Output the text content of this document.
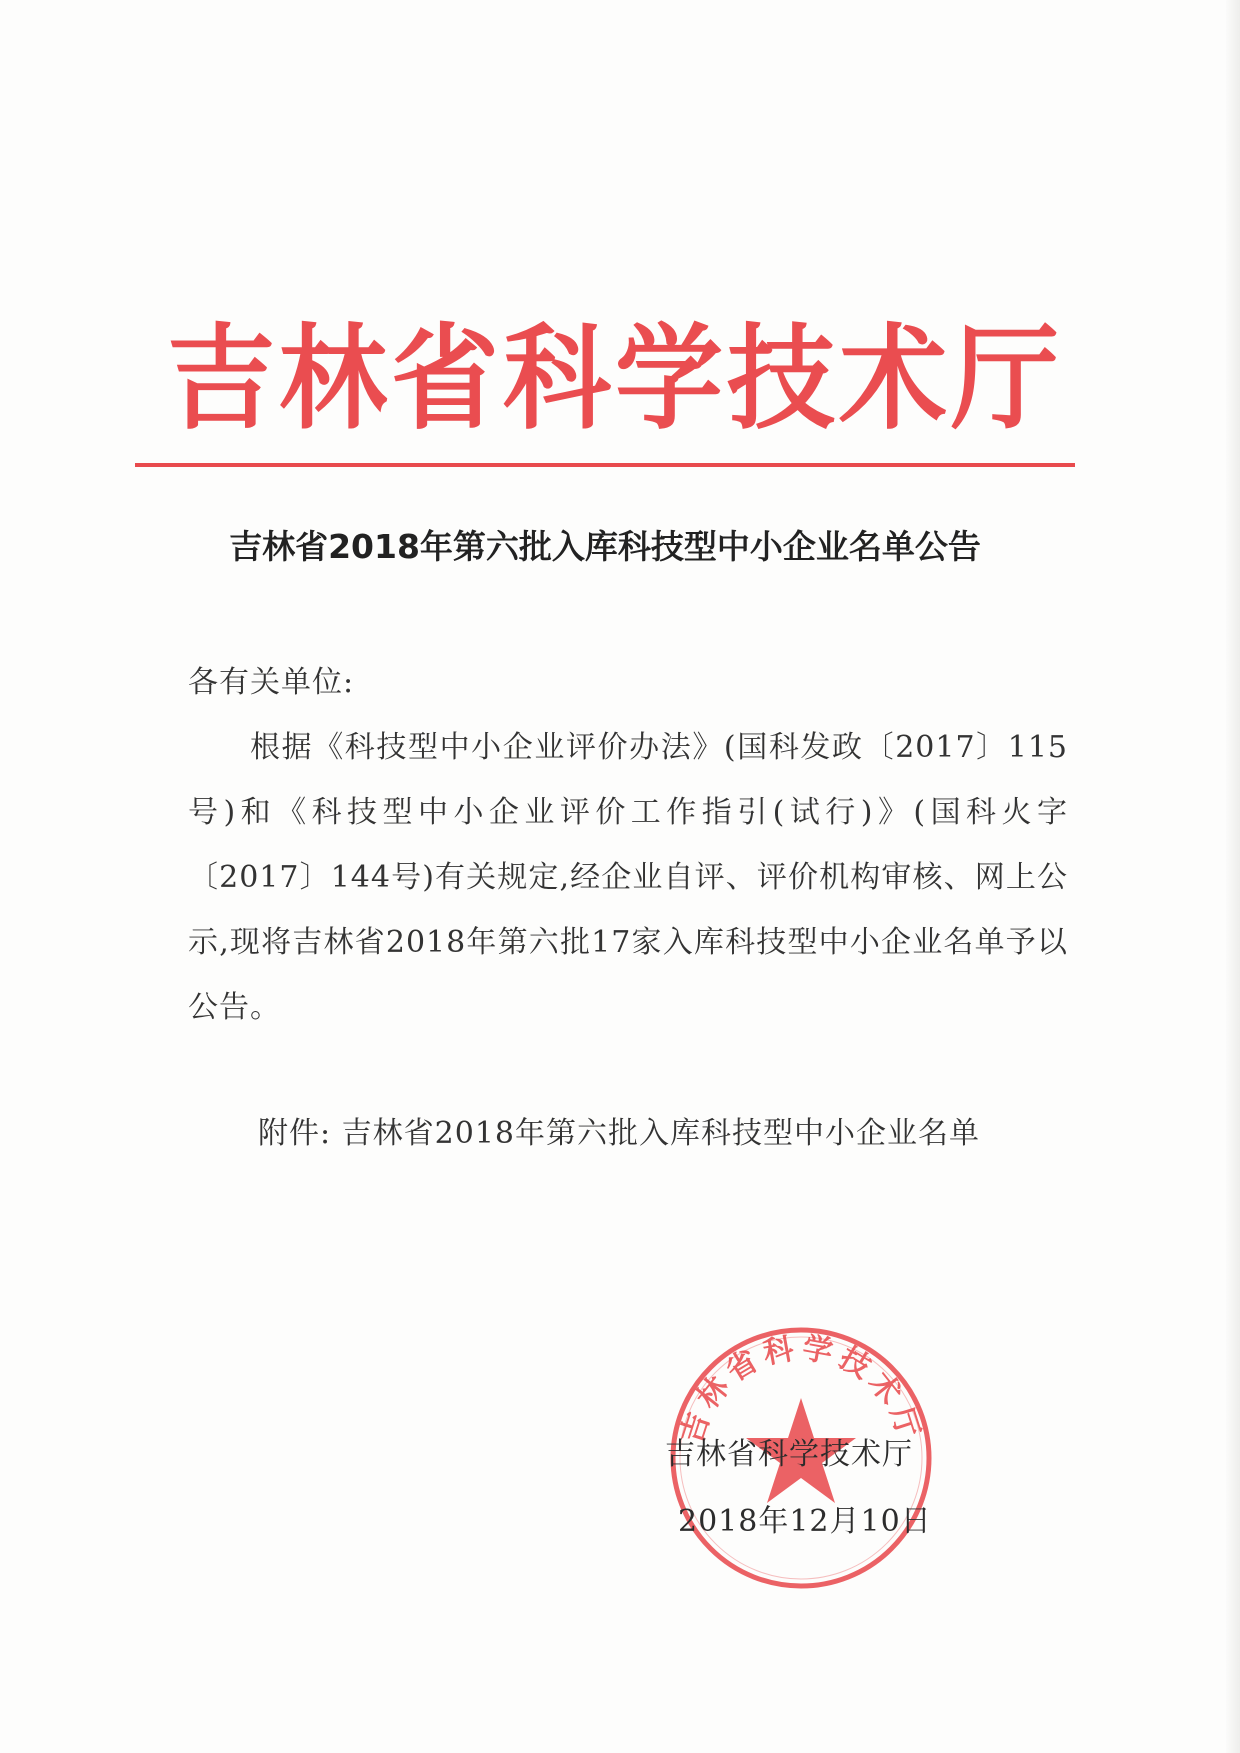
吉林省科学技术厅
吉林省2018年第六批入库科技型中小企业名单公告

各有关单位:

根据《科技型中小企业评价办法》(国科发政〔2017〕115号)和《科技型中小企业评价工作指引(试行)》(国科火字〔2017〕144号)有关规定,经企业自评、评价机构审核、网上公示,现将吉林省2018年第六批17家入库科技型中小企业名单予以公告。

附件: 吉林省2018年第六批入库科技型中小企业名单
吉林省科学技术厅
吉林省科学技术厅
2018年12月10日
